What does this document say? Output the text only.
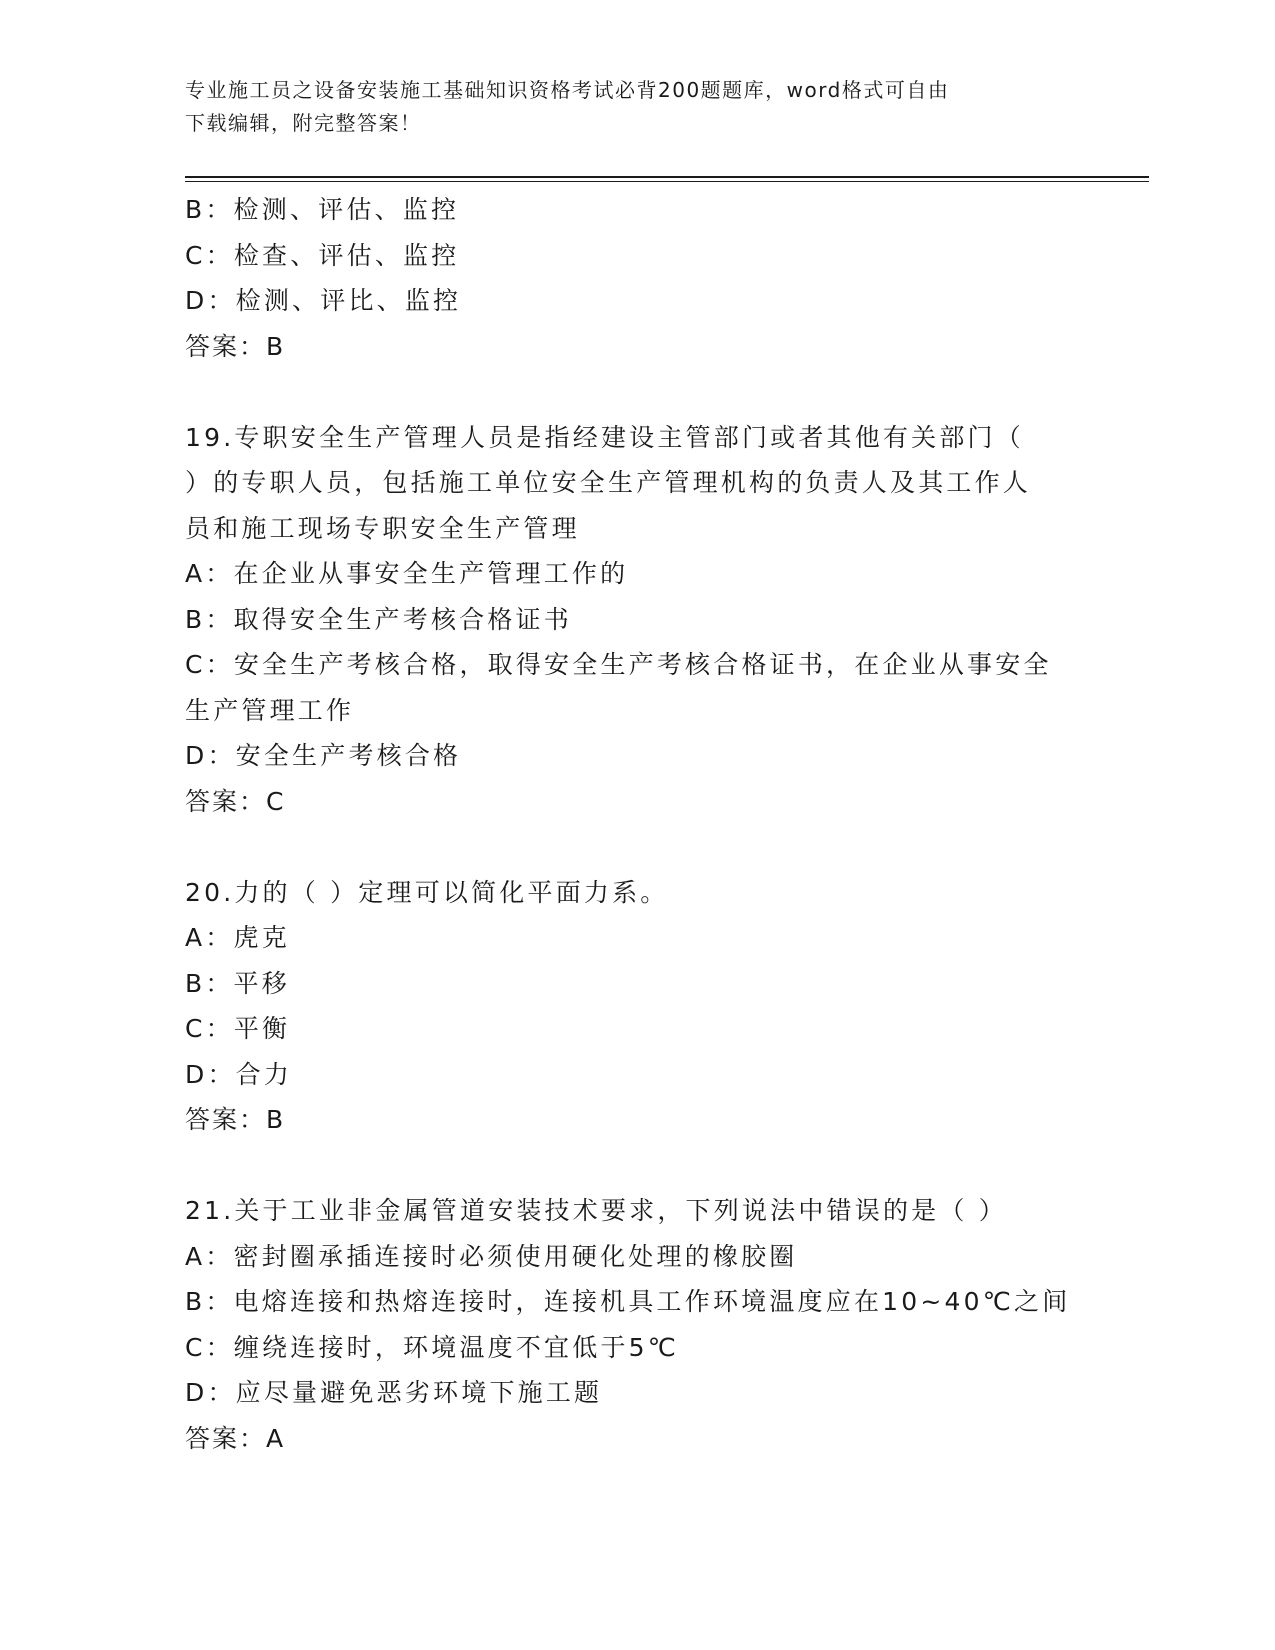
专业施工员之设备安装施工基础知识资格考试必背200题题库，word格式可自由
下载编辑，附完整答案！
B：检测、评估、监控
C：检查、评估、监控
D：检测、评比、监控
答案：B
19.专职安全生产管理人员是指经建设主管部门或者其他有关部门（
）的专职人员，包括施工单位安全生产管理机构的负责人及其工作人
员和施工现场专职安全生产管理
A：在企业从事安全生产管理工作的
B：取得安全生产考核合格证书
C：安全生产考核合格，取得安全生产考核合格证书，在企业从事安全
生产管理工作
D：安全生产考核合格
答案：C
20.力的（ ）定理可以简化平面力系。
A：虎克
B：平移
C：平衡
D：合力
答案：B
21.关于工业非金属管道安装技术要求，下列说法中错误的是（ ）
A：密封圈承插连接时必须使用硬化处理的橡胶圈
B：电熔连接和热熔连接时，连接机具工作环境温度应在10~40℃之间
C：缠绕连接时，环境温度不宜低于5℃
D：应尽量避免恶劣环境下施工题
答案：A
